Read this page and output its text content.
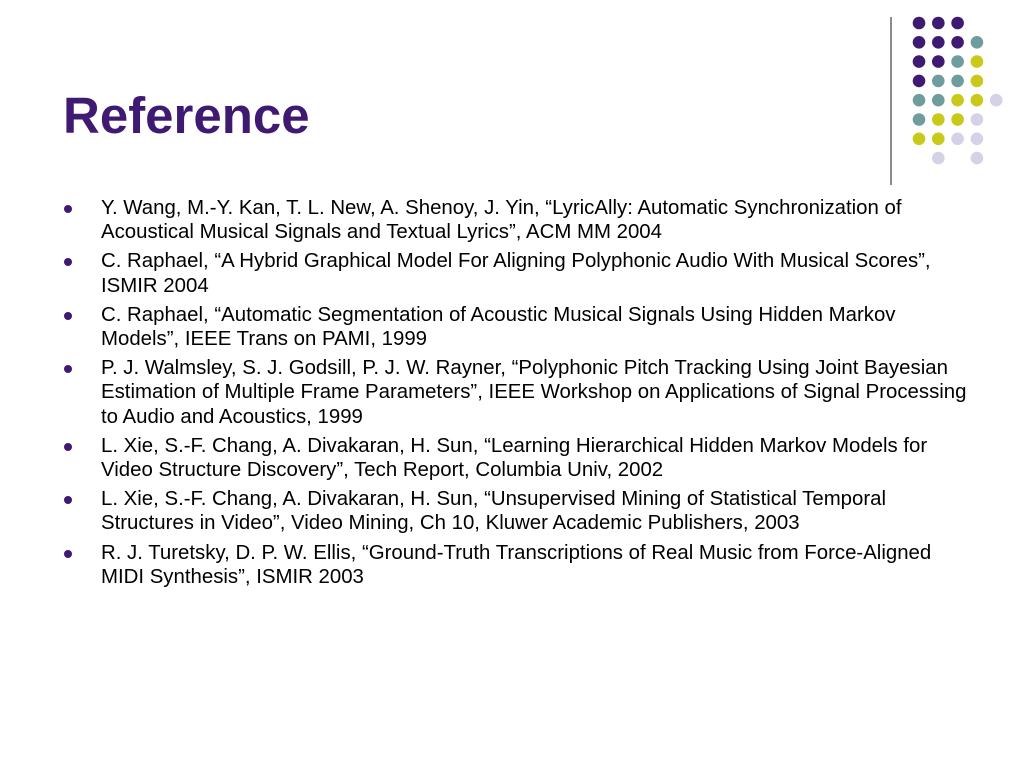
Reference
Y. Wang, M.-Y. Kan, T. L. New, A. Shenoy, J. Yin, “LyricAlly: Automatic Synchronization of Acoustical Musical Signals and Textual Lyrics”, ACM MM 2004
C. Raphael, “A Hybrid Graphical Model For Aligning Polyphonic Audio With Musical Scores”, ISMIR 2004
C. Raphael, “Automatic Segmentation of Acoustic Musical Signals Using Hidden Markov Models”, IEEE Trans on PAMI, 1999
P. J. Walmsley, S. J. Godsill, P. J. W. Rayner, “Polyphonic Pitch Tracking Using Joint Bayesian Estimation of Multiple Frame Parameters”, IEEE Workshop on Applications of Signal Processing to Audio and Acoustics, 1999
L. Xie, S.-F. Chang, A. Divakaran, H. Sun, “Learning Hierarchical Hidden Markov Models for Video Structure Discovery”, Tech Report, Columbia Univ, 2002
L. Xie, S.-F. Chang, A. Divakaran, H. Sun, “Unsupervised Mining of Statistical Temporal Structures in Video”, Video Mining, Ch 10, Kluwer Academic Publishers, 2003
R. J. Turetsky, D. P. W. Ellis, “Ground-Truth Transcriptions of Real Music from Force-Aligned MIDI Synthesis”, ISMIR 2003
